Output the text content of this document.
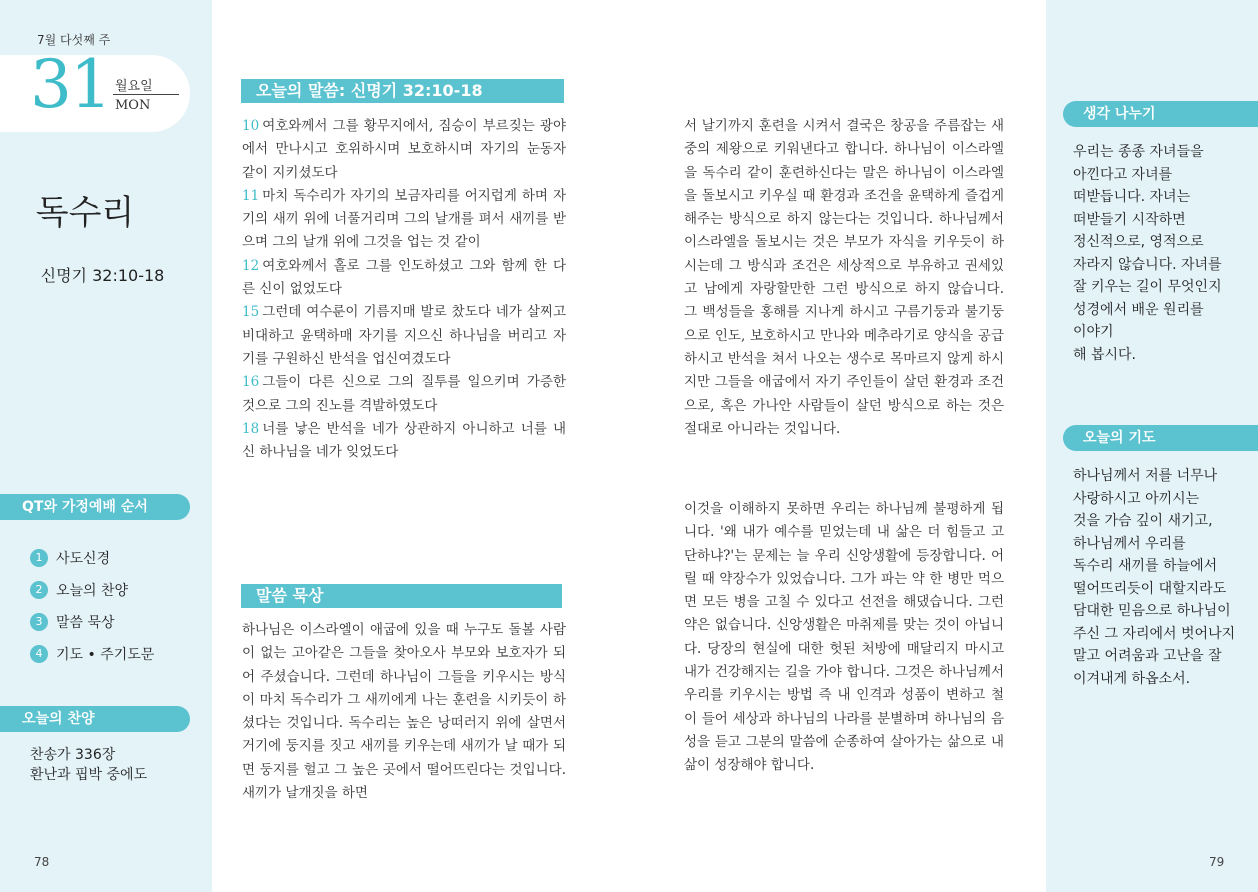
7월 다섯째 주
31 월요일
MON
독수리
신명기 32:10-18
QT와 가정예배 순서
1 사도신경
2 오늘의 찬양
3 말씀 묵상
4 기도 • 주기도문
오늘의 찬양
찬송가 336장
환난과 핍박 중에도
78
오늘의 말씀: 신명기 32:10-18
10 여호와께서 그를 황무지에서, 짐승이 부르짖는 광야에서 만나시고 호위하시며 보호하시며 자기의 눈동자 같이 지키셨도다
11 마치 독수리가 자기의 보금자리를 어지럽게 하며 자기의 새끼 위에 너풀거리며 그의 날개를 펴서 새끼를 받으며 그의 날개 위에 그것을 업는 것 같이
12 여호와께서 홀로 그를 인도하셨고 그와 함께 한 다른 신이 없었도다
15 그런데 여수룬이 기름지매 발로 찼도다 네가 살찌고 비대하고 윤택하매 자기를 지으신 하나님을 버리고 자기를 구원하신 반석을 업신여겼도다
16 그들이 다른 신으로 그의 질투를 일으키며 가증한 것으로 그의 진노를 격발하였도다
18 너를 낳은 반석을 네가 상관하지 아니하고 너를 내신 하나님을 네가 잊었도다
말씀 묵상
하나님은 이스라엘이 애굽에 있을 때 누구도 돌볼 사람이 없는 고아같은 그들을 찾아오사 부모와 보호자가 되어 주셨습니다. 그런데 하나님이 그들을 키우시는 방식이 마치 독수리가 그 새끼에게 나는 훈련을 시키듯이 하셨다는 것입니다. 독수리는 높은 낭떠러지 위에 살면서 거기에 둥지를 짓고 새끼를 키우는데 새끼가 날 때가 되면 둥지를 헐고 그 높은 곳에서 떨어뜨린다는 것입니다. 새끼가 날개짓을 하면
서 날기까지 훈련을 시켜서 결국은 창공을 주름잡는 새중의 제왕으로 키워낸다고 합니다. 하나님이 이스라엘을 독수리 같이 훈련하신다는 말은 하나님이 이스라엘을 돌보시고 키우실 때 환경과 조건을 윤택하게 즐겁게 해주는 방식으로 하지 않는다는 것입니다. 하나님께서 이스라엘을 돌보시는 것은 부모가 자식을 키우듯이 하시는데 그 방식과 조건은 세상적으로 부유하고 권세있고 남에게 자랑할만한 그런 방식으로 하지 않습니다. 그 백성들을 홍해를 지나게 하시고 구름기둥과 불기둥으로 인도, 보호하시고 만나와 메추라기로 양식을 공급하시고 반석을 쳐서 나오는 생수로 목마르지 않게 하시지만 그들을 애굽에서 자기 주인들이 살던 환경과 조건으로, 혹은 가나안 사람들이 살던 방식으로 하는 것은 절대로 아니라는 것입니다.
이것을 이해하지 못하면 우리는 하나님께 불평하게 됩니다. '왜 내가 예수를 믿었는데 내 삶은 더 힘들고 고단하냐?'는 문제는 늘 우리 신앙생활에 등장합니다. 어릴 때 약장수가 있었습니다. 그가 파는 약 한 병만 먹으면 모든 병을 고칠 수 있다고 선전을 해댔습니다. 그런 약은 없습니다. 신앙생활은 마취제를 맞는 것이 아닙니다. 당장의 현실에 대한 헛된 처방에 매달리지 마시고 내가 건강해지는 길을 가야 합니다. 그것은 하나님께서 우리를 키우시는 방법 즉 내 인격과 성품이 변하고 철이 들어 세상과 하나님의 나라를 분별하며 하나님의 음성을 듣고 그분의 말씀에 순종하여 살아가는 삶으로 내 삶이 성장해야 합니다.
생각 나누기
우리는 종종 자녀들을
아낀다고 자녀를
떠받듭니다. 자녀는
떠받들기 시작하면
정신적으로, 영적으로
자라지 않습니다. 자녀를
잘 키우는 길이 무엇인지
성경에서 배운 원리를
이야기
해 봅시다.
오늘의 기도
하나님께서 저를 너무나
사랑하시고 아끼시는
것을 가슴 깊이 새기고,
하나님께서 우리를
독수리 새끼를 하늘에서
떨어뜨리듯이 대할지라도
담대한 믿음으로 하나님이
주신 그 자리에서 벗어나지
말고 어려움과 고난을 잘
이겨내게 하옵소서.
79
